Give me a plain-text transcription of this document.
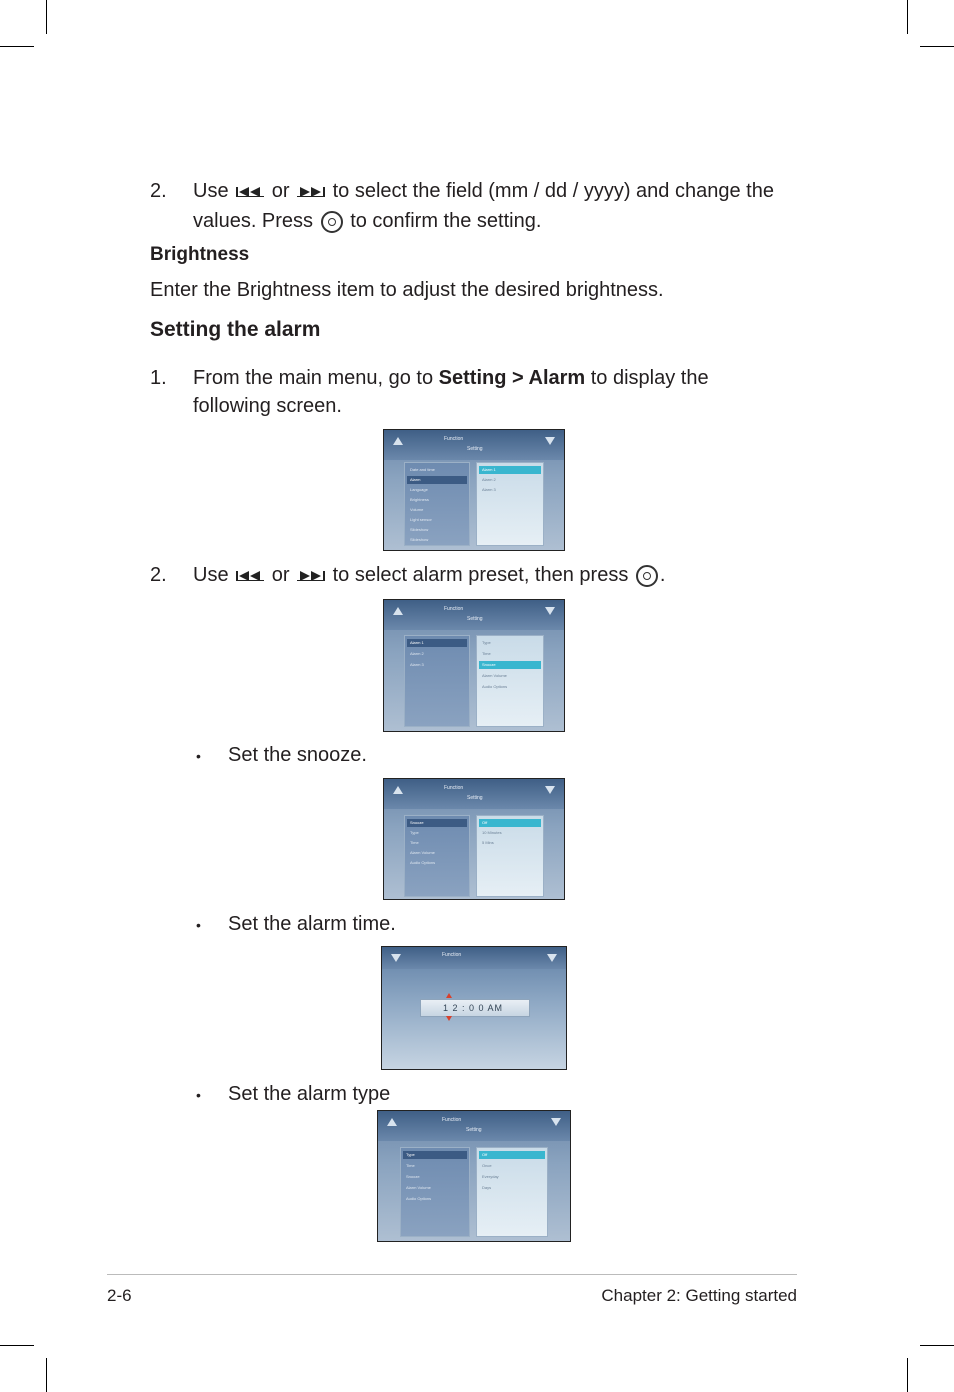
2. Use or to select the field (mm / dd / yyyy) and change the
values. Press to confirm the setting.
Brightness
Enter the Brightness item to adjust the desired brightness.
Setting the alarm
1. From the main menu, go to Setting > Alarm to display the
following screen.
Function
Setting
Date and time
Alarm
Language
Brightness
Volume
Light sensor
Slideshow
Slideshow
Alarm 1
Alarm 2
Alarm 3
2. Use or to select alarm preset, then press .
Function
Setting
Alarm 1
Alarm 2
Alarm 3
Type
Time
Snooze
Alarm Volume
Audio Options
• Set the snooze.
Function
Setting
Snooze
Type
Time
Alarm Volume
Audio Options
Off
10 Minutes
5 Mins
• Set the alarm time.
Function
1 2 : 0 0 AM
• Set the alarm type
Function
Setting
Type
Time
Snooze
Alarm Volume
Audio Options
Off
Once
Everyday
Days
2-6	Chapter 2: Getting started
